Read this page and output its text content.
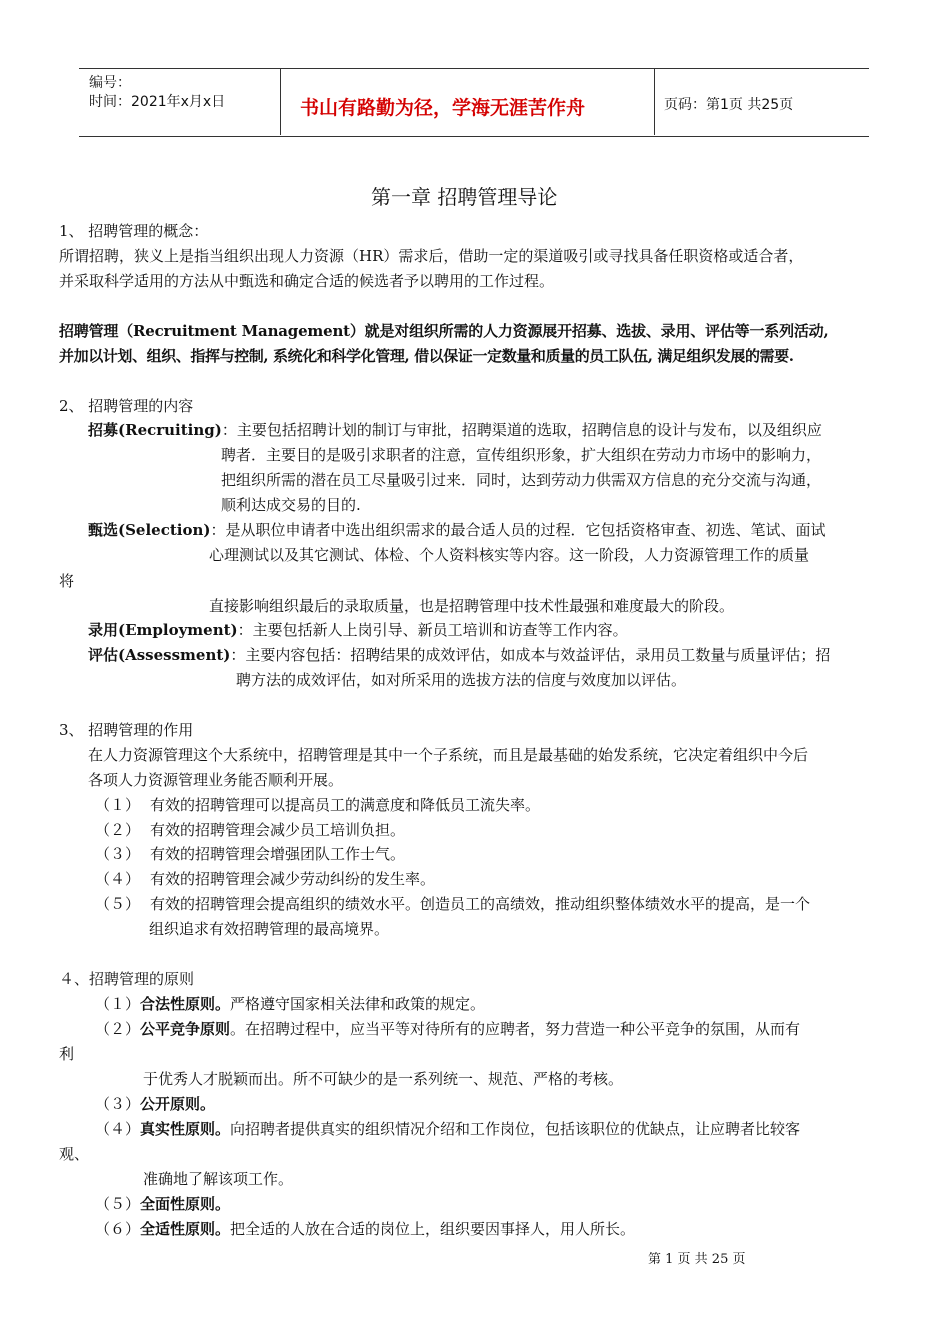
编号：
时间：2021年x月x日	书山有路勤为径，学海无涯苦作舟	页码：第1页 共25页
第一章 招聘管理导论
1、 招聘管理的概念：
所谓招聘，狭义上是指当组织出现人力资源（HR）需求后，借助一定的渠道吸引或寻找具备任职资格或适合者，
并采取科学适用的方法从中甄选和确定合适的候选者予以聘用的工作过程。
招聘管理（Recruitment Management）就是对组织所需的人力资源展开招募、选拔、录用、评估等一系列活动,
并加以计划、组织、指挥与控制, 系统化和科学化管理, 借以保证一定数量和质量的员工队伍, 满足组织发展的需要.
2、 招聘管理的内容
招募(Recruiting)：主要包括招聘计划的制订与审批，招聘渠道的选取，招聘信息的设计与发布，以及组织应
聘者．主要目的是吸引求职者的注意，宣传组织形象，扩大组织在劳动力市场中的影响力，
把组织所需的潜在员工尽量吸引过来．同时，达到劳动力供需双方信息的充分交流与沟通，
顺利达成交易的目的.
甄选(Selection)：是从职位申请者中选出组织需求的最合适人员的过程．它包括资格审查、初选、笔试、面试
心理测试以及其它测试、体检、个人资料核实等内容。这一阶段，人力资源管理工作的质量
将
直接影响组织最后的录取质量，也是招聘管理中技术性最强和难度最大的阶段。
录用(Employment)：主要包括新人上岗引导、新员工培训和访查等工作内容。
评估(Assessment)：主要内容包括：招聘结果的成效评估，如成本与效益评估，录用员工数量与质量评估；招
聘方法的成效评估，如对所采用的选拔方法的信度与效度加以评估。
3、 招聘管理的作用
在人力资源管理这个大系统中，招聘管理是其中一个子系统，而且是最基础的始发系统，它决定着组织中今后
各项人力资源管理业务能否顺利开展。
（１） 有效的招聘管理可以提高员工的满意度和降低员工流失率。
（２） 有效的招聘管理会减少员工培训负担。
（３） 有效的招聘管理会增强团队工作士气。
（４） 有效的招聘管理会减少劳动纠纷的发生率。
（５） 有效的招聘管理会提高组织的绩效水平。创造员工的高绩效，推动组织整体绩效水平的提高，是一个
组织追求有效招聘管理的最高境界。
４、招聘管理的原则
（１）合法性原则。严格遵守国家相关法律和政策的规定。
（２）公平竞争原则。在招聘过程中，应当平等对待所有的应聘者，努力营造一种公平竞争的氛围，从而有
利
于优秀人才脱颖而出。所不可缺少的是一系列统一、规范、严格的考核。
（３）公开原则。
（４）真实性原则。向招聘者提供真实的组织情况介绍和工作岗位，包括该职位的优缺点，让应聘者比较客
观、
准确地了解该项工作。
（５）全面性原则。
（６）全适性原则。把全适的人放在合适的岗位上，组织要因事择人，用人所长。
第 1 页 共 25 页
